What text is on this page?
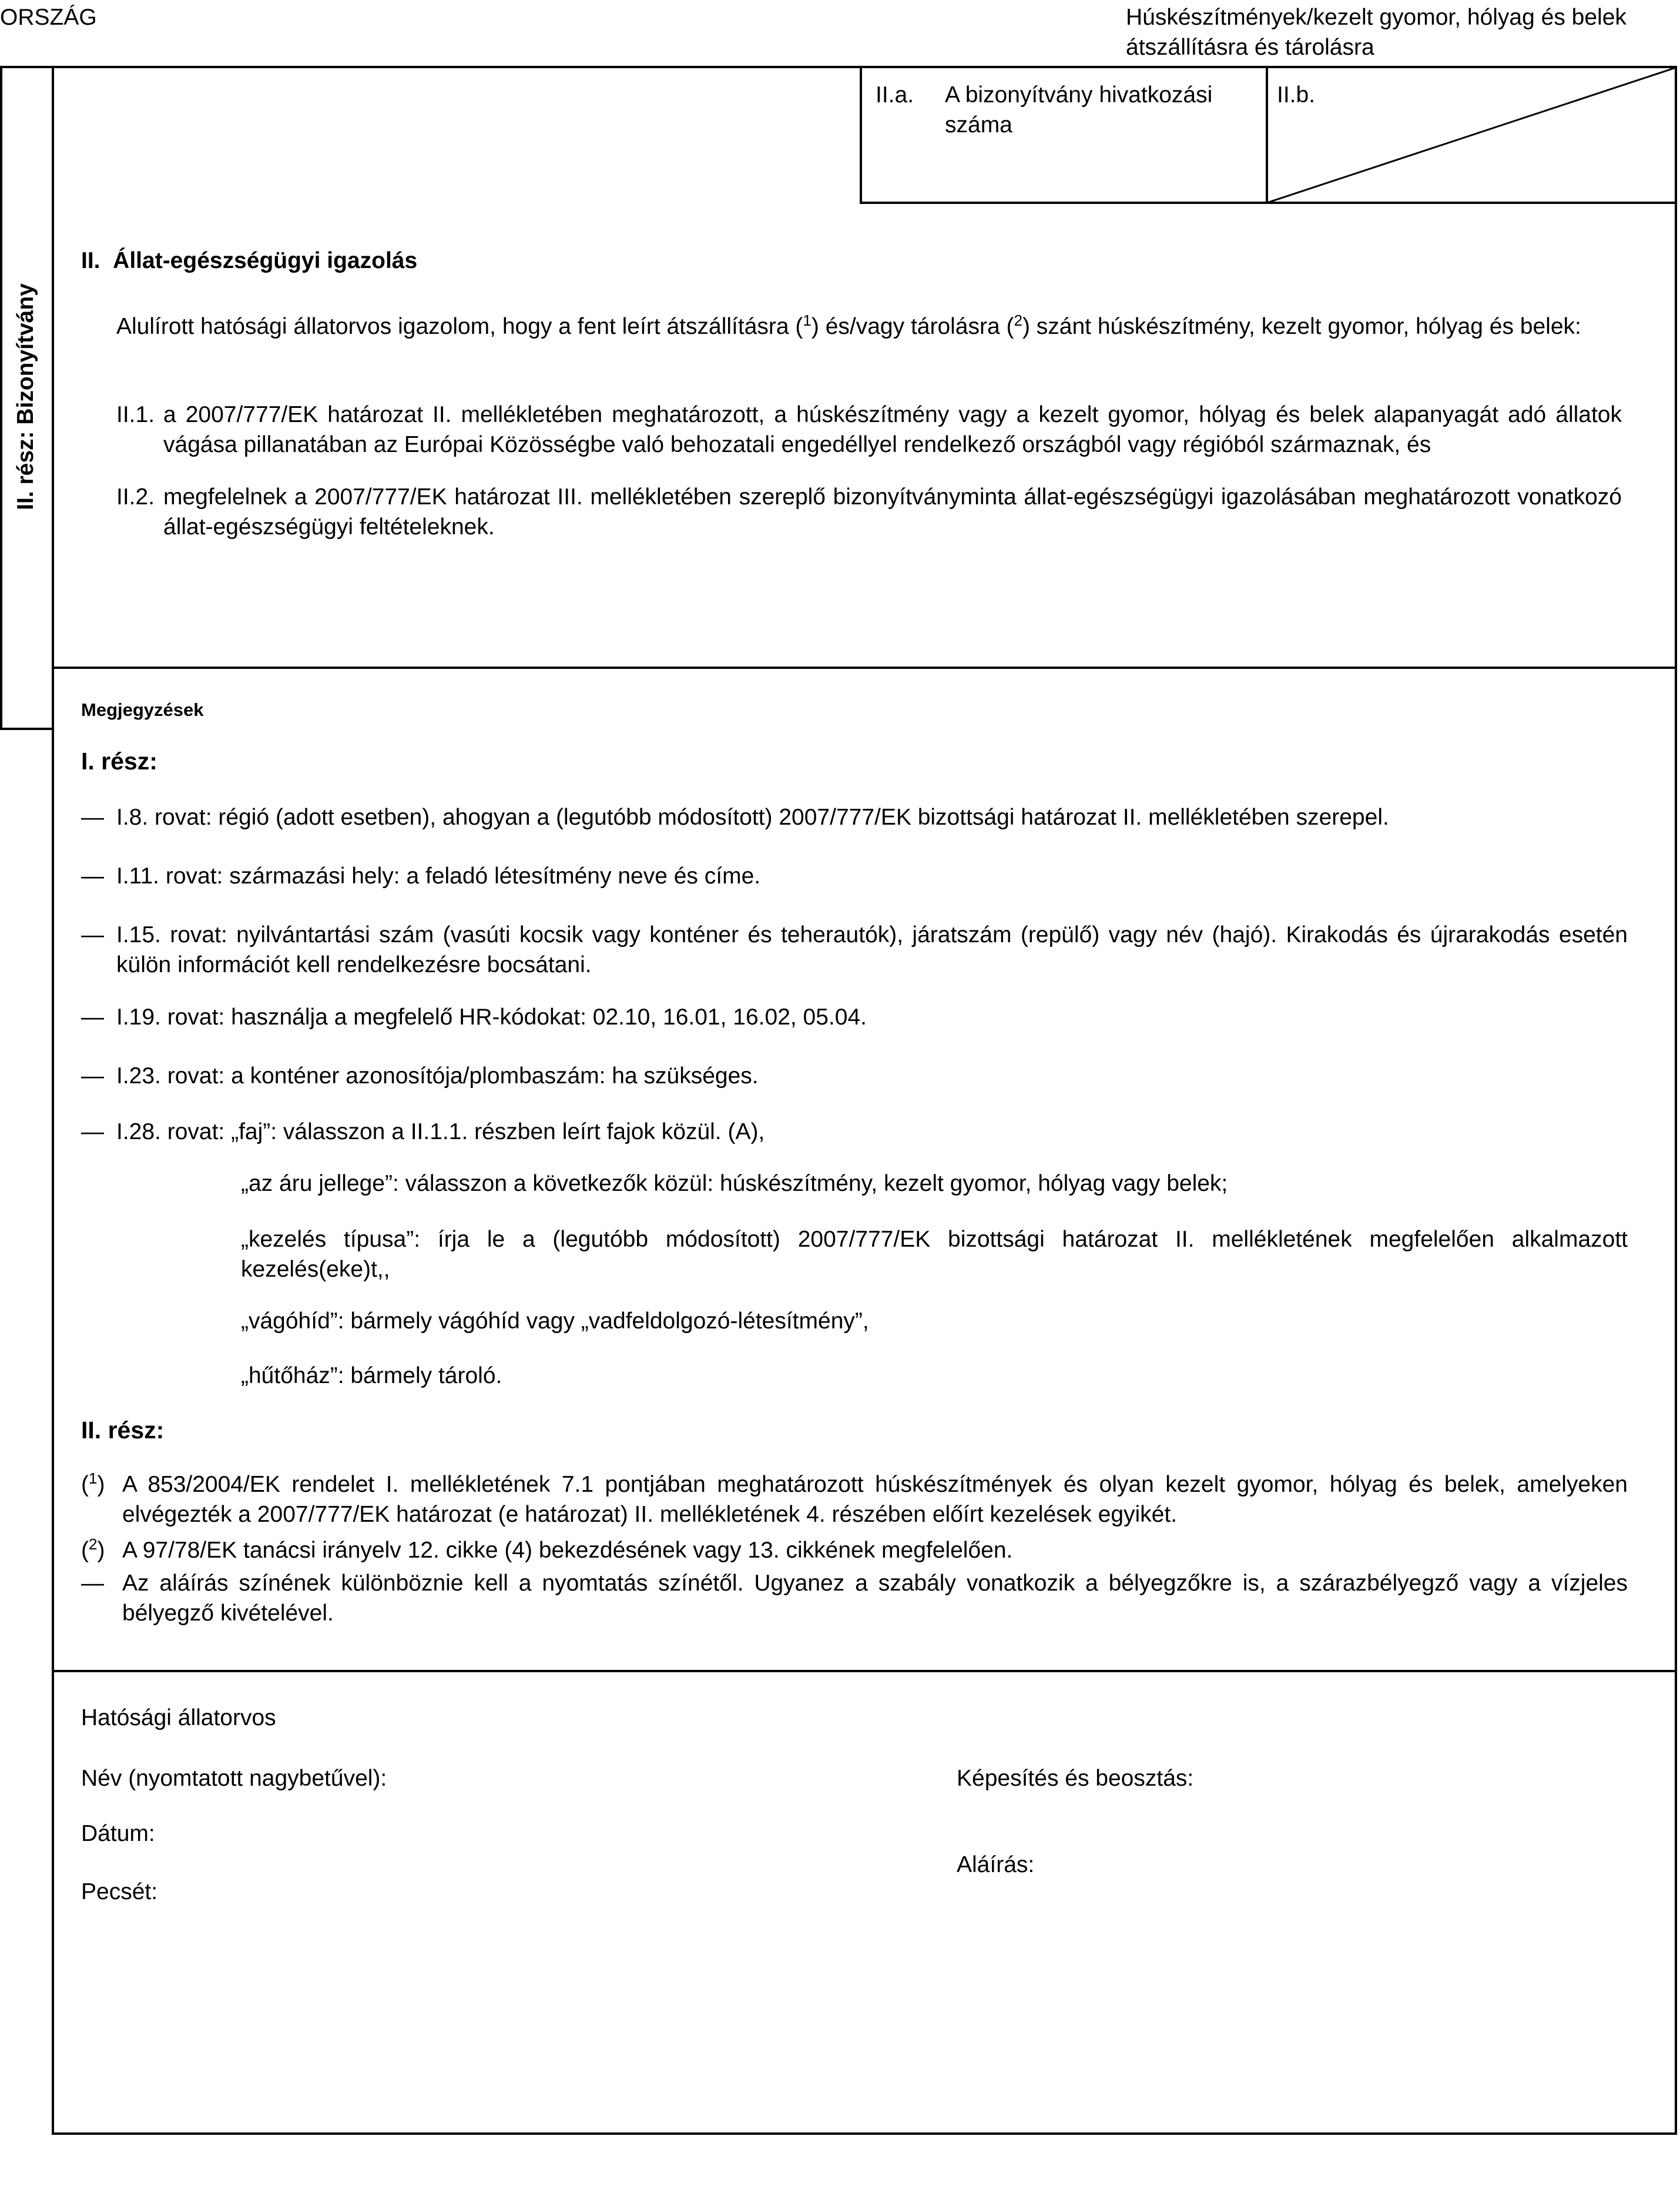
ORSZÁG	Húskészítmények/kezelt gyomor, hólyag és belek átszállításra és tárolásra
II. rész: Bizonyítvány
II.a. A bizonyítvány hivatkozási száma
II.b.
II.  Állat-egészségügyi igazolás

Alulírott hatósági állatorvos igazolom, hogy a fent leírt átszállításra ($^1$) és/vagy tárolásra ($^2$) szánt húskészítmény, kezelt gyomor, hólyag és belek:

II.1. a 2007/777/EK határozat II. mellékletében meghatározott, a húskészítmény vagy a kezelt gyomor, hólyag és belek alapanyagát adó állatok vágása pillanatában az Európai Közösségbe való behozatali engedéllyel rendelkező országból vagy régióból származnak, és

II.2. megfelelnek a 2007/777/EK határozat III. mellékletében szereplő bizonyítványminta állat-egészségügyi igazolásában meghatározott vonatkozó állat-egészségügyi feltételeknek.

Megjegyzések
I. rész:
— I.8. rovat: régió (adott esetben), ahogyan a (legutóbb módosított) 2007/777/EK bizottsági határozat II. mellékletében szerepel.
— I.11. rovat: származási hely: a feladó létesítmény neve és címe.
— I.15. rovat: nyilvántartási szám (vasúti kocsik vagy konténer és teherautók), járatszám (repülő) vagy név (hajó). Kirakodás és újrarakodás esetén külön információt kell rendelkezésre bocsátani.
— I.19. rovat: használja a megfelelő HR-kódokat: 02.10, 16.01, 16.02, 05.04.
— I.23. rovat: a konténer azonosítója/plombaszám: ha szükséges.
— I.28. rovat: „faj”: válasszon a II.1.1. részben leírt fajok közül. (A),
„az áru jellege”: válasszon a következők közül: húskészítmény, kezelt gyomor, hólyag vagy belek;
„kezelés típusa”: írja le a (legutóbb módosított) 2007/777/EK bizottsági határozat II. mellékletének megfelelően alkalmazott kezelés(eke)t,,
„vágóhíd”: bármely vágóhíd vagy „vadfeldolgozó-létesítmény”,
„hűtőház”: bármely tároló.
II. rész:
($^1$) A 853/2004/EK rendelet I. mellékletének 7.1 pontjában meghatározott húskészítmények és olyan kezelt gyomor, hólyag és belek, amelyeken elvégezték a 2007/777/EK határozat (e határozat) II. mellékletének 4. részében előírt kezelések egyikét.
($^2$) A 97/78/EK tanácsi irányelv 12. cikke (4) bekezdésének vagy 13. cikkének megfelelően.
— Az aláírás színének különböznie kell a nyomtatás színétől. Ugyanez a szabály vonatkozik a bélyegzőkre is, a szárazbélyegző vagy a vízjeles bélyegző kivételével.
Hatósági állatorvos
Név (nyomtatott nagybetűvel):	Képesítés és beosztás:
Dátum:
Aláírás:
Pecsét:
